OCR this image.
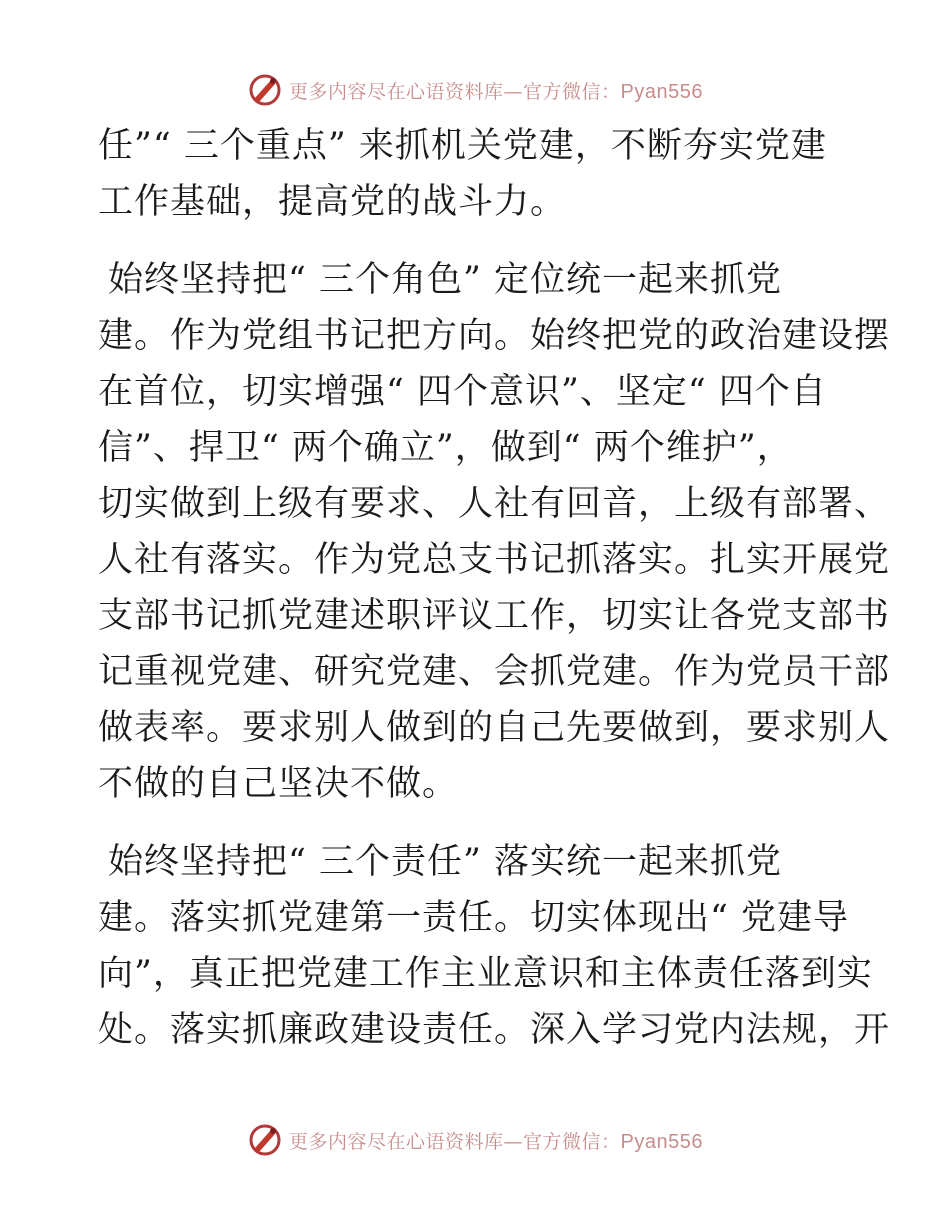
更多内容尽在心语资料库—官方微信：Pyan556
任”“ 三个重点” 来抓机关党建，不断夯实党建
工作基础，提高党的战斗力。
始终坚持把“ 三个角色” 定位统一起来抓党
建。作为党组书记把方向。始终把党的政治建设摆
在首位，切实增强“ 四个意识”、坚定“ 四个自
信”、捍卫“ 两个确立”，做到“ 两个维护”，
切实做到上级有要求、人社有回音，上级有部署、
人社有落实。作为党总支书记抓落实。扎实开展党
支部书记抓党建述职评议工作，切实让各党支部书
记重视党建、研究党建、会抓党建。作为党员干部
做表率。要求别人做到的自己先要做到，要求别人
不做的自己坚决不做。
始终坚持把“ 三个责任” 落实统一起来抓党
建。落实抓党建第一责任。切实体现出“ 党建导
向”，真正把党建工作主业意识和主体责任落到实
处。落实抓廉政建设责任。深入学习党内法规，开
更多内容尽在心语资料库—官方微信：Pyan556
